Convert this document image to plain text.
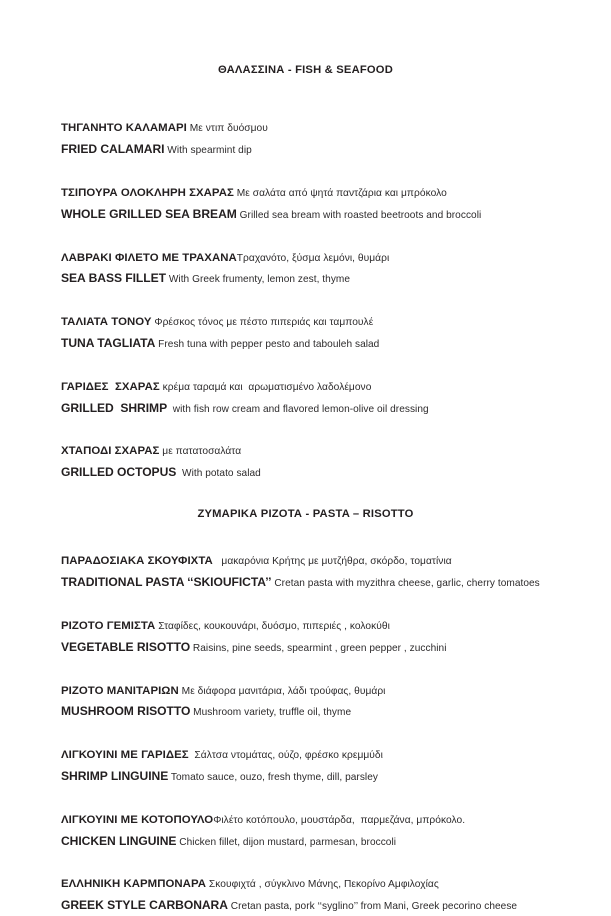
ΘΑΛΑΣΣΙΝΑ - FISH & SEAFOOD
ΤΗΓΑΝΗΤΟ ΚΑΛΑΜΑΡΙ Με ντιπ δυόσμου
FRIED CALAMARI With spearmint dip
ΤΣΙΠΟΥΡΑ ΟΛΟΚΛΗΡΗ ΣΧΑΡΑΣ Με σαλάτα από ψητά παντζάρια και μπρόκολο
WHOLE GRILLED SEA BREAM Grilled sea bream with roasted beetroots and broccoli
ΛΑΒΡΑΚΙ ΦΙΛΕΤΟ ΜΕ ΤΡΑΧΑΝΑΤραχανότο, ξύσμα λεμόνι, θυμάρι
SEA BASS FILLET With Greek frumenty, lemon zest, thyme
ΤΑΛΙΑΤΑ ΤΟΝΟΥ Φρέσκος τόνος με πέστο πιπεριάς και ταμπουλέ
TUNA TAGLIATA Fresh tuna with pepper pesto and tabouleh salad
ΓΑΡΙΔΕΣ  ΣΧΑΡΑΣ κρέμα ταραμά και  αρωματισμένο λαδολέμονο
GRILLED  SHRIMP  with fish row cream and flavored lemon-olive oil dressing
ΧΤΑΠΟΔΙ ΣΧΑΡΑΣ με πατατοσαλάτα
GRILLED OCTOPUS  With potato salad
ΖΥΜΑΡΙΚΑ ΡΙΖΟΤΑ - PASTA – RISOTTO
ΠΑΡΑΔΟΣΙΑΚΑ ΣΚΟΥΦΙΧΤΑ   μακαρόνια Κρήτης με μυτζήθρα, σκόρδο, τοματίνια
TRADITIONAL PASTA ‘‘SKIOUFICTA’’ Cretan pasta with myzithra cheese, garlic, cherry tomatoes
ΡΙΖΟΤΟ ΓΕΜΙΣΤΑ Σταφίδες, κουκουνάρι, δυόσμο, πιπεριές , κολοκύθι
VEGETABLE RISOTTO Raisins, pine seeds, spearmint , green pepper , zucchini
ΡΙΖΟΤΟ ΜΑΝΙΤΑΡΙΩΝ Με διάφορα μανιτάρια, λάδι τρούφας, θυμάρι
MUSHROOM RISOTTO Mushroom variety, truffle oil, thyme
ΛΙΓΚΟΥΙΝΙ ΜΕ ΓΑΡΙΔΕΣ  Σάλτσα ντομάτας, ούζο, φρέσκο κρεμμύδι
SHRIMP LINGUINE Tomato sauce, ouzo, fresh thyme, dill, parsley
ΛΙΓΚΟΥΙΝΙ ΜΕ ΚΟΤΟΠΟΥΛΟΦιλέτο κοτόπουλο, μουστάρδα,  παρμεζάνα, μπρόκολο.
CHICKEN LINGUINE Chicken fillet, dijon mustard, parmesan, broccoli
ΕΛΛΗΝΙΚΗ ΚΑΡΜΠΟΝΑΡΑ Σκουφιχτά , σύγκλινο Μάνης, Πεκορίνο Αμφιλοχίας
GREEK STYLE CARBONARA Cretan pasta, pork ‘‘syglino’’ from Mani, Greek pecorino cheese
